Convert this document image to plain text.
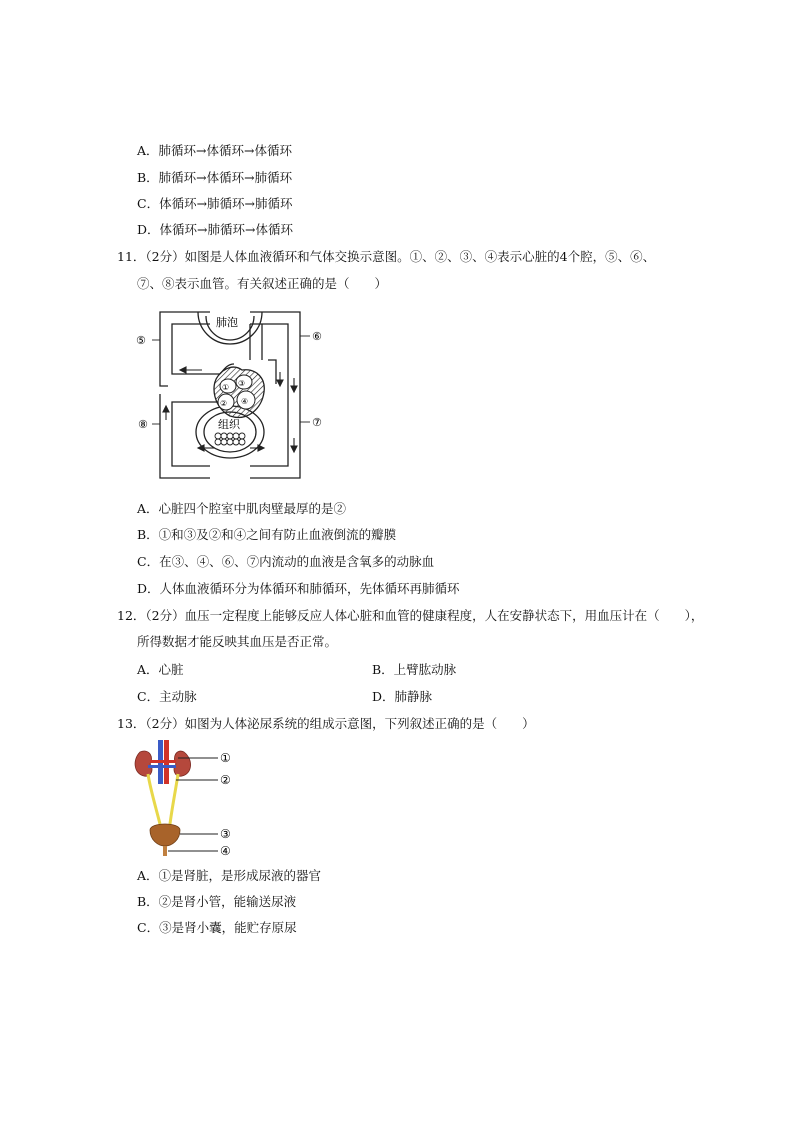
A．肺循环→体循环→体循环
B．肺循环→体循环→肺循环
C．体循环→肺循环→肺循环
D．体循环→肺循环→体循环
11．（2分）如图是人体血液循环和气体交换示意图。①、②、③、④表示心脏的4个腔，⑤、⑥、
⑦、⑧表示血管。有关叙述正确的是（　　）
① ③
② ④
肺泡
组织
⑤	⑥
⑦
⑧
A．心脏四个腔室中肌肉壁最厚的是②
B．①和③及②和④之间有防止血液倒流的瓣膜
C．在③、④、⑥、⑦内流动的血液是含氧多的动脉血
D．人体血液循环分为体循环和肺循环，先体循环再肺循环
12．（2分）血压一定程度上能够反应人体心脏和血管的健康程度，人在安静状态下，用血压计在（　　），
所得数据才能反映其血压是否正常。
A．心脏	B．上臂肱动脉
C．主动脉	D．肺静脉
13．（2分）如图为人体泌尿系统的组成示意图，下列叙述正确的是（　　）
①
②
③
④
A．①是肾脏，是形成尿液的器官
B．②是肾小管，能输送尿液
C．③是肾小囊，能贮存原尿
